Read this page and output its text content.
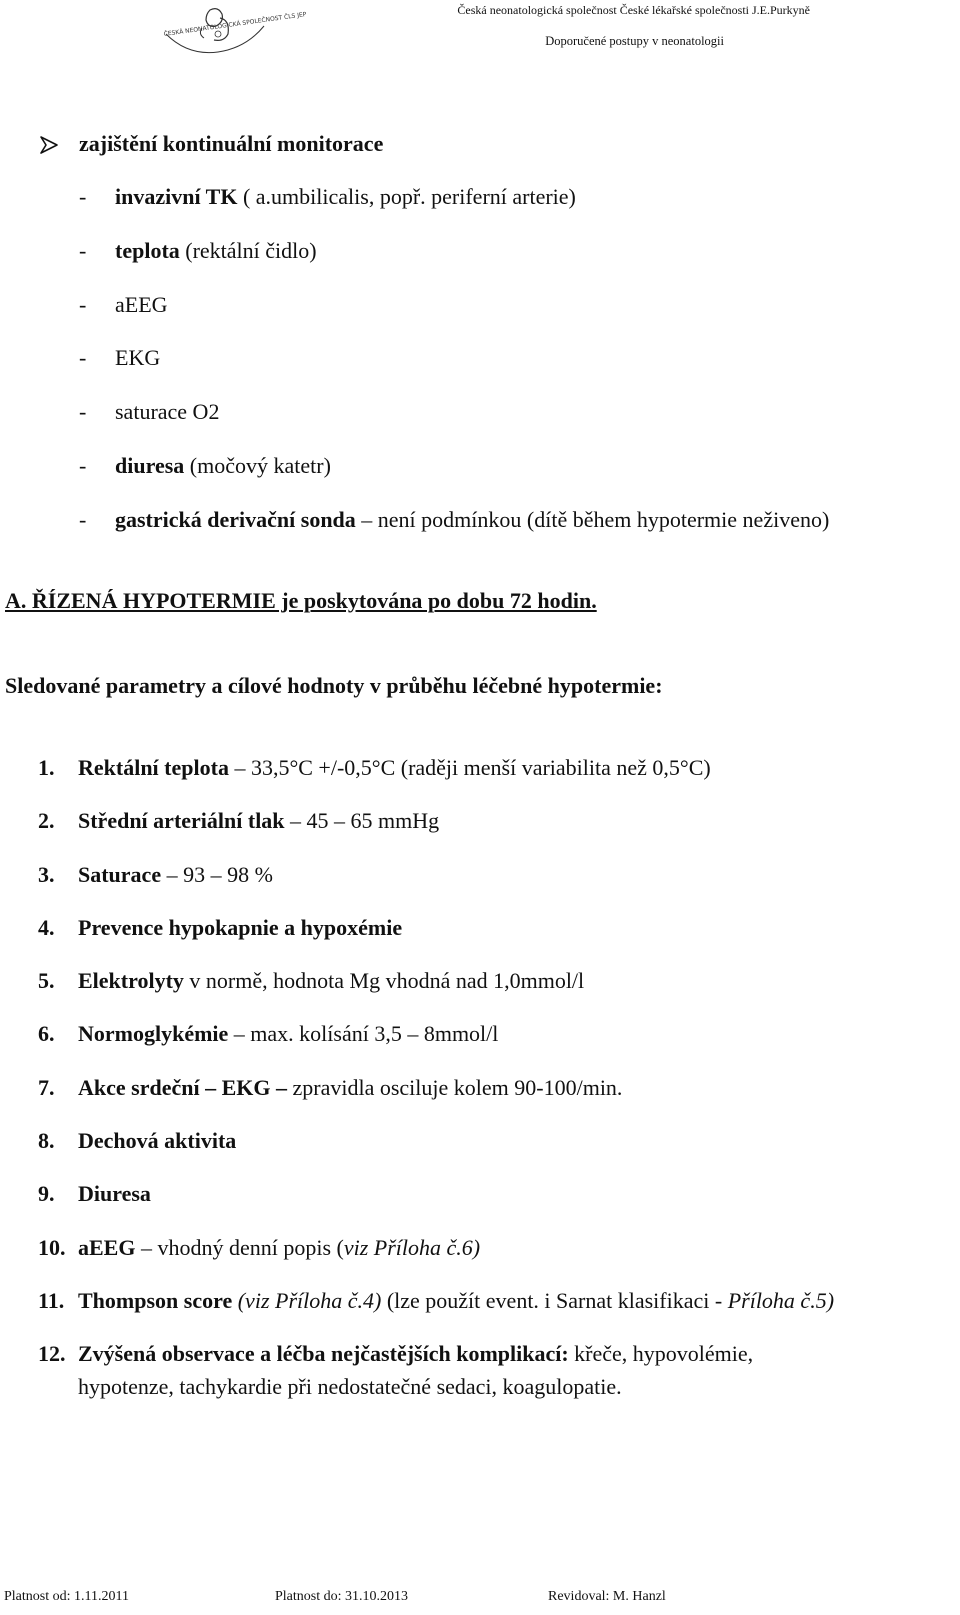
ČESKÁ NEONATOLOGICKÁ SPOLEČNOST ČLS JEP
Česká neonatologická společnost České lékařské společnosti J.E.Purkyně
Doporučené postupy v neonatologii
zajištění kontinuální monitorace
- invazivní TK ( a.umbilicalis, popř. periferní arterie)
- teplota (rektální čidlo)
- aEEG
- EKG
- saturace O2
- diuresa (močový katetr)
- gastrická derivační sonda – není podmínkou (dítě během hypotermie neživeno)
A. ŘÍZENÁ HYPOTERMIE je poskytována po dobu 72 hodin.
Sledované parametry a cílové hodnoty v průběhu léčebné hypotermie:
1. Rektální teplota – 33,5°C +/-0,5°C (raději menší variabilita než 0,5°C)
2. Střední arteriální tlak – 45 – 65 mmHg
3. Saturace – 93 – 98 %
4. Prevence hypokapnie a hypoxémie
5. Elektrolyty v normě, hodnota Mg vhodná nad 1,0mmol/l
6. Normoglykémie – max. kolísání 3,5 – 8mmol/l
7. Akce srdeční – EKG – zpravidla osciluje kolem 90-100/min.
8. Dechová aktivita
9. Diuresa
10. aEEG – vhodný denní popis (viz Příloha č.6)
11. Thompson score (viz Příloha č.4) (lze použít event. i Sarnat klasifikaci - Příloha č.5)
12. Zvýšená observace a léčba nejčastějších komplikací: křeče, hypovolémie,
hypotenze, tachykardie při nedostatečné sedaci, koagulopatie.
Platnost od: 1.11.2011	Platnost do: 31.10.2013	Revidoval: M. Hanzl
